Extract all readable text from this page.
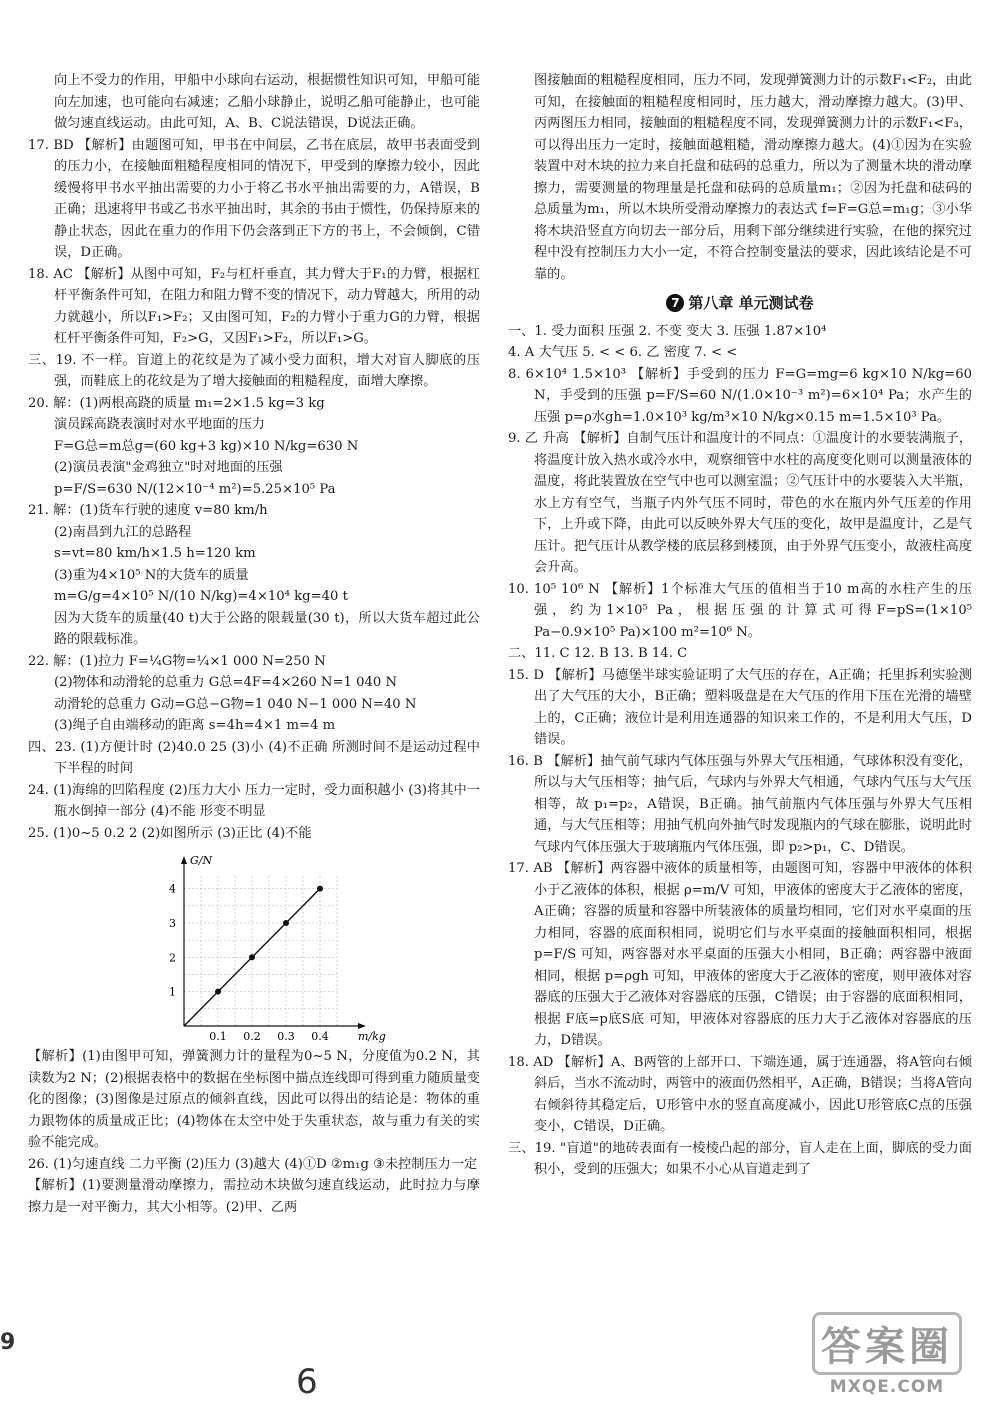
向上不受力的作用，甲船中小球向右运动，根据惯性知识可知，甲船可能向左加速，也可能向右减速；乙船小球静止，说明乙船可能静止，也可能做匀速直线运动。由此可知，A、B、C说法错误，D说法正确。

17. BD 【解析】由题图可知，甲书在中间层，乙书在底层，故甲书表面受到的压力小，在接触面粗糙程度相同的情况下，甲受到的摩擦力较小，因此缓慢将甲书水平抽出需要的力小于将乙书水平抽出需要的力，A错误，B正确；迅速将甲书或乙书水平抽出时，其余的书由于惯性，仍保持原来的静止状态，因此在重力的作用下仍会落到正下方的书上，不会倾倒，C错误，D正确。

18. AC 【解析】从图中可知，F₂与杠杆垂直，其力臂大于F₁的力臂，根据杠杆平衡条件可知，在阻力和阻力臂不变的情况下，动力臂越大，所用的动力就越小，所以F₁>F₂；又由图可知，F₂的力臂小于重力G的力臂，根据杠杆平衡条件可知，F₂>G，又因F₁>F₂，所以F₁>G。

三、19. 不一样。盲道上的花纹是为了减小受力面积，增大对盲人脚底的压强，而鞋底上的花纹是为了增大接触面的粗糙程度，面增大摩擦。

20. 解：(1)两根高跷的质量 m₁=2×1.5 kg=3 kg

演员踩高跷表演时对水平地面的压力

F=G总=m总g=(60 kg+3 kg)×10 N/kg=630 N

(2)演员表演"金鸡独立"时对地面的压强

p=F/S=630 N/(12×10⁻⁴ m²)=5.25×10⁵ Pa

21. 解：(1)货车行驶的速度 v=80 km/h

(2)南昌到九江的总路程

s=vt=80 km/h×1.5 h=120 km

(3)重为4×10⁵ N的大货车的质量

m=G/g=4×10⁵ N/(10 N/kg)=4×10⁴ kg=40 t

因为大货车的质量(40 t)大于公路的限载量(30 t)，所以大货车超过此公路的限载标准。

22. 解：(1)拉力 F=¼G物=¼×1 000 N=250 N

(2)物体和动滑轮的总重力 G总=4F=4×260 N=1 040 N

动滑轮的总重力 G动=G总−G物=1 040 N−1 000 N=40 N

(3)绳子自由端移动的距离 s=4h=4×1 m=4 m

四、23. (1)方便计时 (2)40.0 25 (3)小 (4)不正确 所测时间不是运动过程中下半程的时间

24. (1)海绵的凹陷程度 (2)压力大小 压力一定时，受力面积越小 (3)将其中一瓶水倒掉一部分 (4)不能 形变不明显

25. (1)0~5 0.2 2 (2)如图所示 (3)正比 (4)不能

0.1 0.2 0.3 0.4
1
2
3
4
m/kg
G/N

【解析】(1)由图甲可知，弹簧测力计的量程为0~5 N，分度值为0.2 N，其读数为2 N；(2)根据表格中的数据在坐标图中描点连线即可得到重力随质量变化的图像；(3)图像是过原点的倾斜直线，因此可以得出的结论是：物体的重力跟物体的质量成正比；(4)物体在太空中处于失重状态，故与重力有关的实验不能完成。

26. (1)匀速直线 二力平衡 (2)压力 (3)越大 (4)①D ②m₁g ③未控制压力一定

【解析】(1)要测量滑动摩擦力，需拉动木块做匀速直线运动，此时拉力与摩擦力是一对平衡力，其大小相等。(2)甲、乙两

图接触面的粗糙程度相同，压力不同，发现弹簧测力计的示数F₁<F₂，由此可知，在接触面的粗糙程度相同时，压力越大，滑动摩擦力越大。(3)甲、丙两图压力相同，接触面的粗糙程度不同，发现弹簧测力计的示数F₁<F₃，可以得出压力一定时，接触面越粗糙，滑动摩擦力越大。(4)①因为在实验装置中对木块的拉力来自托盘和砝码的总重力，所以为了测量木块的滑动摩擦力，需要测量的物理量是托盘和砝码的总质量m₁；②因为托盘和砝码的总质量为m₁，所以木块所受滑动摩擦力的表达式 f=F=G总=m₁g；③小华将木块沿竖直方向切去一部分后，用剩下部分继续进行实验，在他的探究过程中没有控制压力大小一定，不符合控制变量法的要求，因此该结论是不可靠的。

7 第八章 单元测试卷

一、1. 受力面积 压强 2. 不变 变大 3. 压强 1.87×10⁴

4. A 大气压 5. < < 6. 乙 密度 7. < <

8. 6×10⁴ 1.5×10³ 【解析】手受到的压力 F=G=mg=6 kg×10 N/kg=60 N，手受到的压强 p=F/S=60 N/(1.0×10⁻³ m²)=6×10⁴ Pa；水产生的压强 p=ρ水gh=1.0×10³ kg/m³×10 N/kg×0.15 m=1.5×10³ Pa。

9. 乙 升高 【解析】自制气压计和温度计的不同点：①温度计的水要装满瓶子，将温度计放入热水或冷水中，观察细管中水柱的高度变化则可以测量液体的温度，将此装置放在空气中也可以测室温；②气压计中的水要装入大半瓶，水上方有空气，当瓶子内外气压不同时，带色的水在瓶内外气压差的作用下，上升或下降，由此可以反映外界大气压的变化，故甲是温度计，乙是气压计。把气压计从教学楼的底层移到楼顶，由于外界气压变小，故液柱高度会升高。

10. 10⁵ 10⁶ N 【解析】1个标准大气压的值相当于10 m高的水柱产生的压强，约为1×10⁵ Pa，根据压强的计算式可得F=pS=(1×10⁵ Pa−0.9×10⁵ Pa)×100 m²=10⁶ N。

二、11. C 12. B 13. B 14. C

15. D 【解析】马德堡半球实验证明了大气压的存在，A正确；托里拆利实验测出了大气压的大小，B正确；塑料吸盘是在大气压的作用下压在光滑的墙壁上的，C正确；液位计是利用连通器的知识来工作的，不是利用大气压，D错误。

16. B 【解析】抽气前气球内气体压强与外界大气压相通，气球体积没有变化，所以与大气压相等；抽气后，气球内与外界大气相通，气球内气压与大气压相等，故 p₁=p₂，A错误，B正确。抽气前瓶内气体压强与外界大气压相通，与大气压相等；用抽气机向外抽气时发现瓶内的气球在膨胀，说明此时气球内气体压强大于玻璃瓶内气体压强，即 p₂>p₁，C、D错误。

17. AB 【解析】两容器中液体的质量相等，由题图可知，容器中甲液体的体积小于乙液体的体积，根据 ρ=m/V 可知，甲液体的密度大于乙液体的密度，A正确；容器的质量和容器中所装液体的质量均相同，它们对水平桌面的压力相同，容器的底面积相同，说明它们与水平桌面的接触面积相同，根据 p=F/S 可知，两容器对水平桌面的压强大小相同，B正确；两容器中液面相同，根据 p=ρgh 可知，甲液体的密度大于乙液体的密度，则甲液体对容器底的压强大于乙液体对容器底的压强，C错误；由于容器的底面积相同，根据 F底=p底S底 可知，甲液体对容器底的压力大于乙液体对容器底的压力，D错误。

18. AD 【解析】A、B两管的上部开口、下端连通，属于连通器，将A管向右倾斜后，当水不流动时，两管中的液面仍然相平，A正确，B错误；当将A管向右倾斜待其稳定后，U形管中水的竖直高度减小，因此U形管底C点的压强变小，C错误，D正确。

三、19. "盲道"的地砖表面有一棱棱凸起的部分，盲人走在上面，脚底的受力面积小，受到的压强大；如果不小心从盲道走到了

9
6
答案圈
MXQE.COM
